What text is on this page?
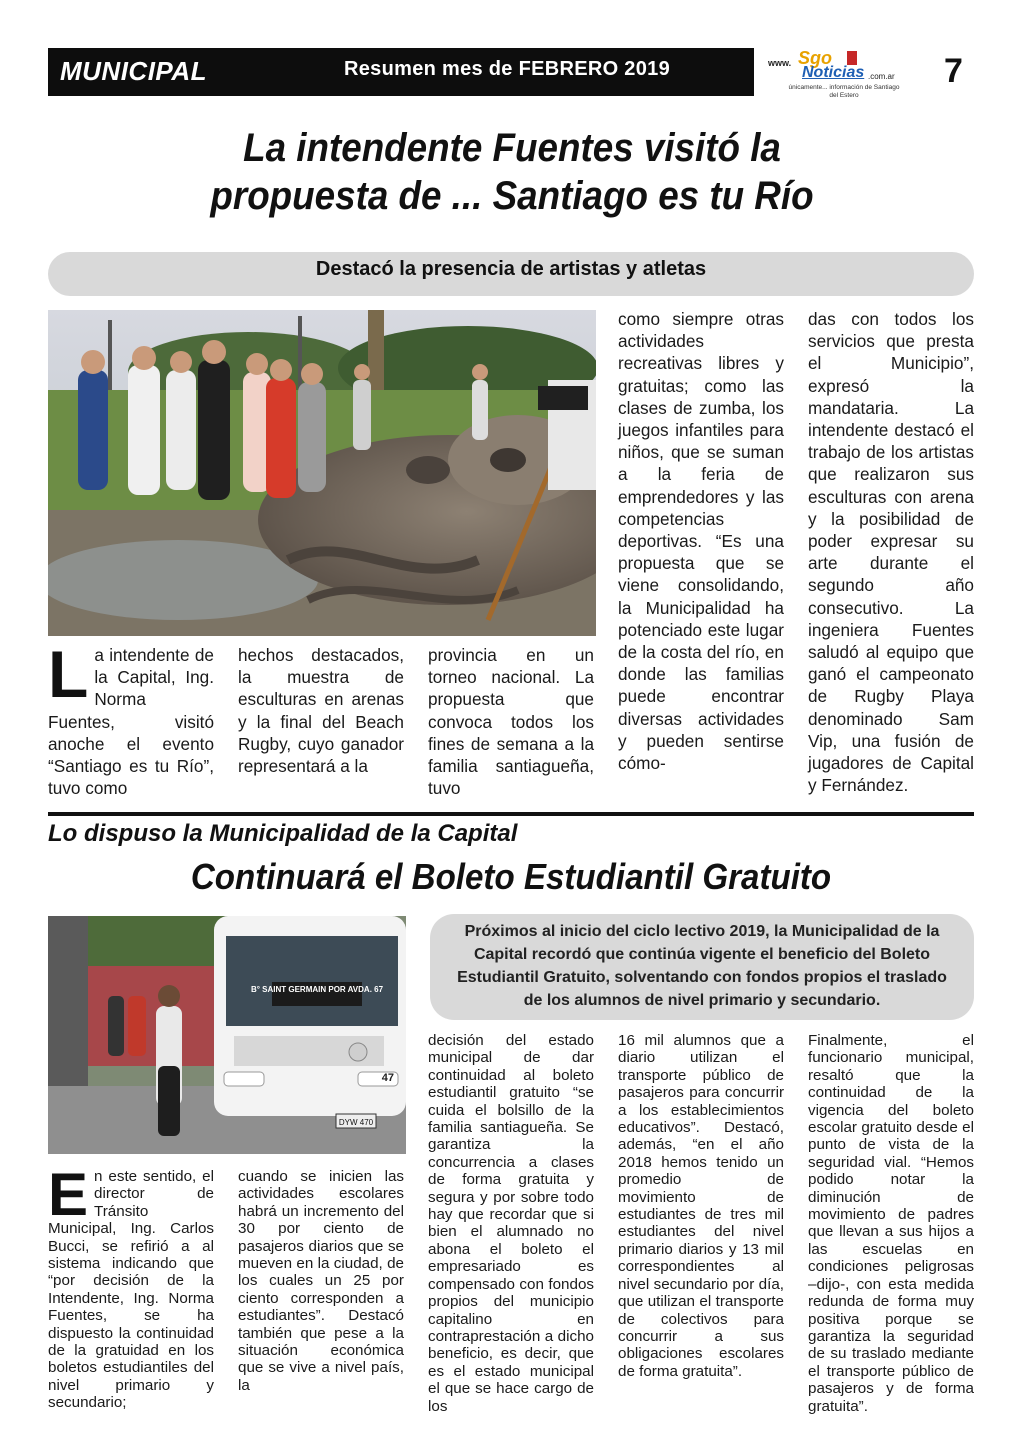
MUNICIPAL	Resumen mes de FEBRERO 2019	www. Sgo
Noticias .com.ar
únicamente... información de Santiago del Estero
7
La intendente Fuentes visitó la
propuesta de ... Santiago es tu Río
Destacó la presencia de artistas y atletas
La intendente de la Capital, Ing. Norma Fuentes, visitó anoche el evento “Santiago es tu Río”, tuvo como
hechos destacados, la muestra de esculturas en arenas y la final del Beach Rugby, cuyo ganador representará a la
provincia en un torneo nacional. La propuesta que convoca todos los fines de semana a la familia santiagueña, tuvo
como siempre otras actividades recreativas libres y gratuitas; como las clases de zumba, los juegos infantiles para niños, que se suman a la feria de emprendedores y las competencias deportivas. “Es una propuesta que se viene consolidando, la Municipalidad ha potenciado este lugar de la costa del río, en donde las familias puede encontrar diversas actividades y pueden sentirse cómo-
das con todos los servicios que presta el Municipio”, expresó la mandataria. La intendente destacó el trabajo de los artistas que realizaron sus esculturas con arena y la posibilidad de poder expresar su arte durante el segundo año consecutivo. La ingeniera Fuentes saludó al equipo que ganó el campeonato de Rugby Playa denominado Sam Vip, una fusión de jugadores de Capital y Fernández.
Lo dispuso la Municipalidad de la Capital
Continuará el Boleto Estudiantil Gratuito
B° SAINT GERMAIN POR AVDA. 67
47
DYW 470
Próximos al inicio del ciclo lectivo 2019, la Municipalidad de la Capital recordó que continúa vigente el beneficio del Boleto Estudiantil Gratuito, solventando con fondos propios el traslado de los alumnos de nivel primario y secundario.
En este sentido, el director de Tránsito Municipal, Ing. Carlos Bucci, se refirió a al sistema indicando que “por decisión de la Intendente, Ing. Norma Fuentes, se ha dispuesto la continuidad de la gratuidad en los boletos estudiantiles del nivel primario y secundario;
cuando se inicien las actividades escolares habrá un incremento del 30 por ciento de pasajeros diarios que se mueven en la ciudad, de los cuales un 25 por ciento corresponden a estudiantes”. Destacó también que pese a la situación económica que se vive a nivel país, la
decisión del estado municipal de dar continuidad al boleto estudiantil gratuito “se cuida el bolsillo de la familia santiagueña. Se garantiza la concurrencia a clases de forma gratuita y segura y por sobre todo hay que recordar que si bien el alumnado no abona el boleto el empresariado es compensado con fondos propios del municipio capitalino en contraprestación a dicho beneficio, es decir, que es el estado municipal el que se hace cargo de los
16 mil alumnos que a diario utilizan el transporte público de pasajeros para concurrir a los establecimientos educativos”. Destacó, además, “en el año 2018 hemos tenido un promedio de movimiento de estudiantes de tres mil estudiantes del nivel primario diarios y 13 mil correspondientes al nivel secundario por día, que utilizan el transporte de colectivos para concurrir a sus obligaciones escolares de forma gratuita”.
Finalmente, el funcionario municipal, resaltó que la continuidad de la vigencia del boleto escolar gratuito desde el punto de vista de la seguridad vial. “Hemos podido notar la diminución de movimiento de padres que llevan a sus hijos a las escuelas en condiciones peligrosas –dijo-, con esta medida redunda de forma muy positiva porque se garantiza la seguridad de su traslado mediante el transporte público de pasajeros y de forma gratuita”.
